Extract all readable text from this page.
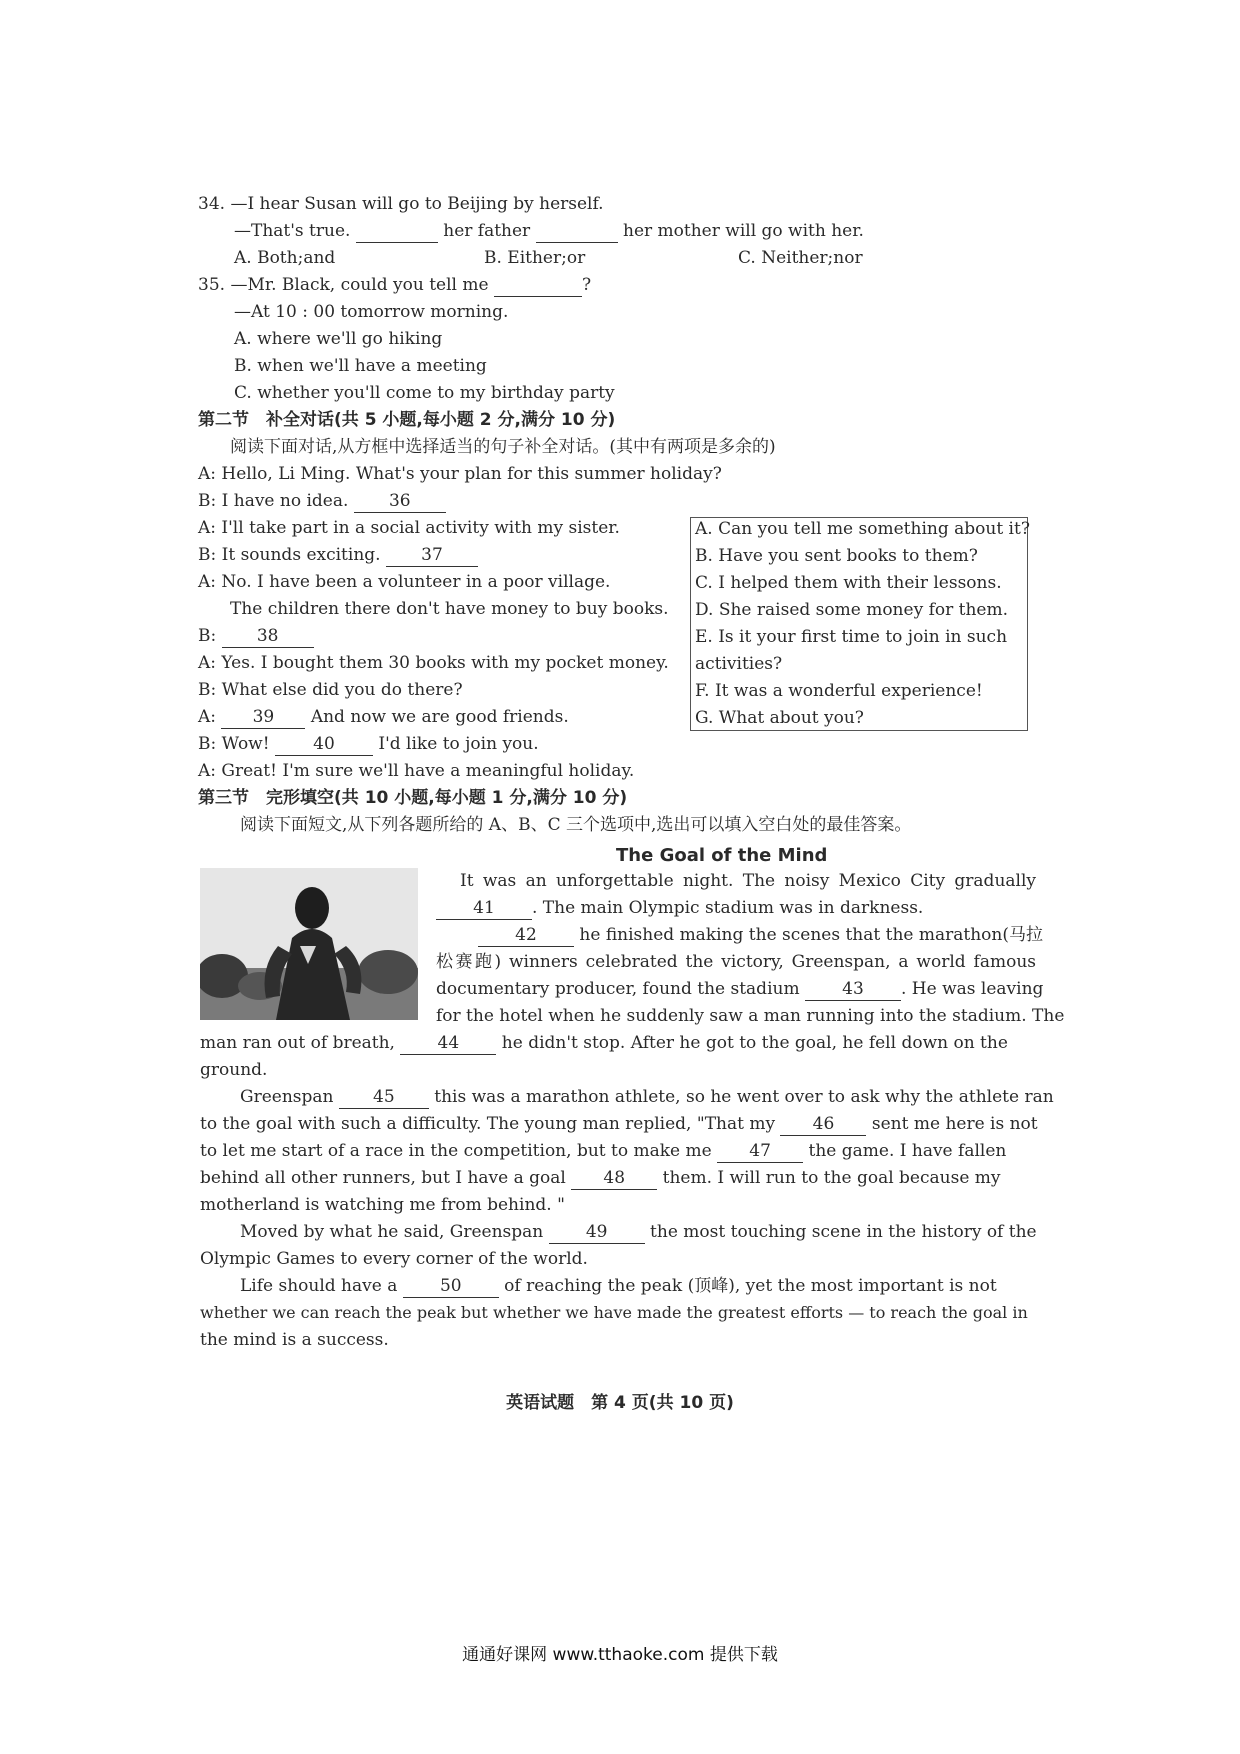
34. —I hear Susan will go to Beijing by herself.
—That's true.	her father	her mother will go with her.
A. Both;and	B. Either;or	C. Neither;nor
35. —Mr. Black, could you tell me	?
—At 10 : 00 tomorrow morning.
A. where we'll go hiking
B. when we'll have a meeting
C. whether you'll come to my birthday party
第二节　补全对话(共 5 小题,每小题 2 分,满分 10 分)
阅读下面对话,从方框中选择适当的句子补全对话。(其中有两项是多余的)
A: Hello, Li Ming. What's your plan for this summer holiday?
B: I have no idea. 36
A: I'll take part in a social activity with my sister.
B: It sounds exciting. 37
A: No. I have been a volunteer in a poor village.
The children there don't have money to buy books.
B: 38
A: Yes. I bought them 30 books with my pocket money.
B: What else did you do there?
A: 39 And now we are good friends.
B: Wow!	40	I'd like to join you.
A: Great! I'm sure we'll have a meaningful holiday.
A. Can you tell me something about it?
B. Have you sent books to them?
C. I helped them with their lessons.
D. She raised some money for them.
E. Is it your first time to join in such
activities?
F. It was a wonderful experience!
G. What about you?
第三节　完形填空(共 10 小题,每小题 1 分,满分 10 分)
阅读下面短文,从下列各题所给的 A、B、C 三个选项中,选出可以填入空白处的最佳答案。
The Goal of the Mind
It was an unforgettable night. The noisy Mexico City gradually
41 . The main Olympic stadium was in darkness.
42	he finished making the scenes that the marathon(马拉
松赛跑) winners celebrated the victory, Greenspan, a world famous
documentary producer, found the stadium	43 . He was leaving
for the hotel when he suddenly saw a man running into the stadium. The
man ran out of breath,	44	he didn't stop. After he got to the goal, he fell down on the
ground.
Greenspan 45 this was a marathon athlete, so he went over to ask why the athlete ran
to the goal with such a difficulty. The young man replied, "That my 46 sent me here is not
to let me start of a race in the competition, but to make me 47 the game. I have fallen
behind all other runners, but I have a goal 48 them. I will run to the goal because my
motherland is watching me from behind. "
Moved by what he said, Greenspan	49	the most touching scene in the history of the
Olympic Games to every corner of the world.
Life should have a	50	of reaching the peak (顶峰), yet the most important is not
whether we can reach the peak but whether we have made the greatest efforts — to reach the goal in
the mind is a success.
英语试题　第 4 页(共 10 页)
通通好课网 www.tthaoke.com 提供下载
